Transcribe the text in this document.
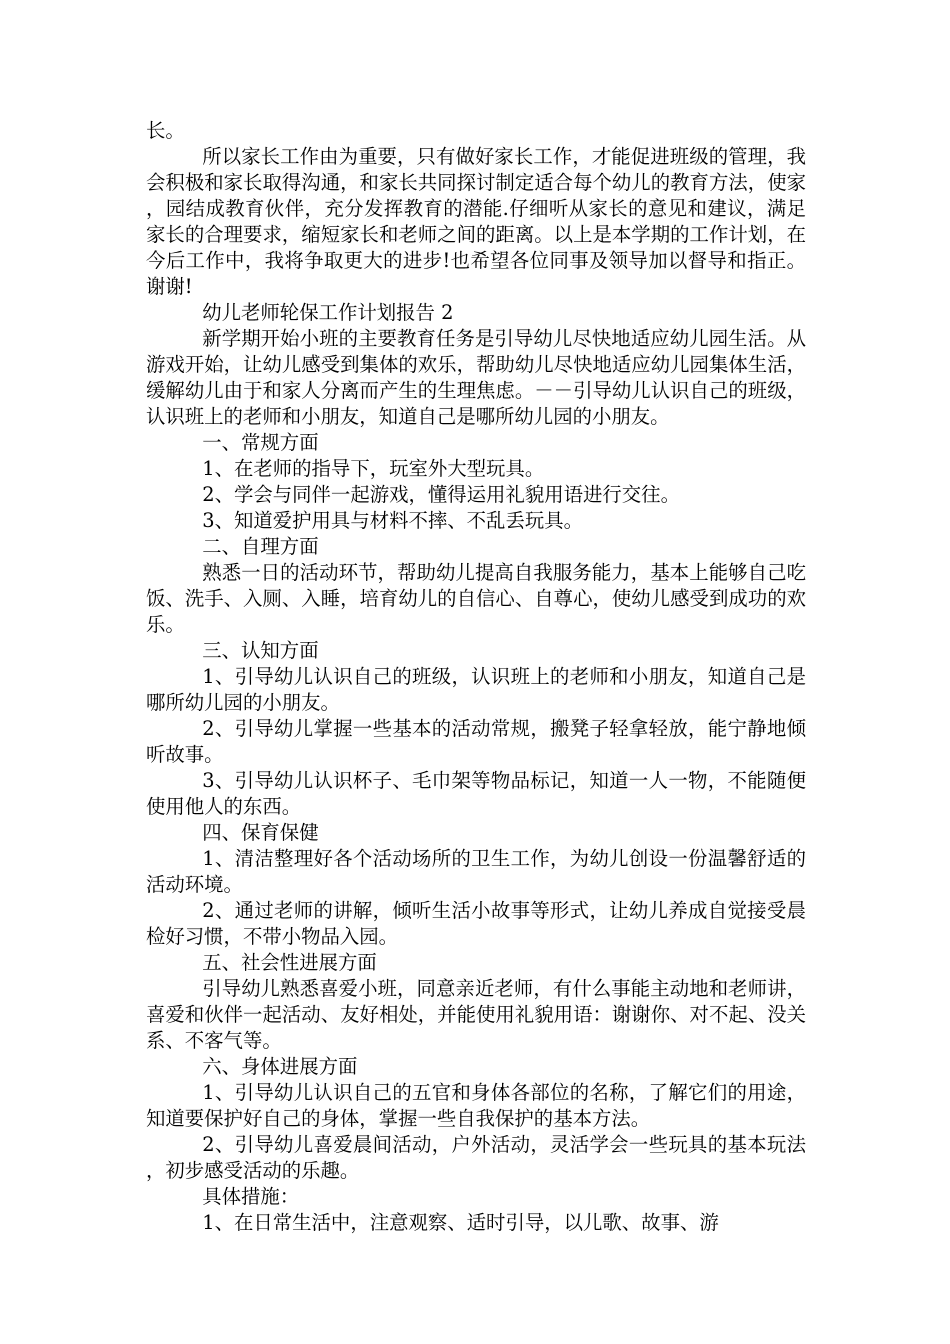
长。

所以家长工作由为重要，只有做好家长工作，才能促进班级的管理，我会积极和家长取得沟通，和家长共同探讨制定适合每个幼儿的教育方法，使家，园结成教育伙伴，充分发挥教育的潜能.仔细听从家长的意见和建议，满足家长的合理要求，缩短家长和老师之间的距离。以上是本学期的工作计划，在今后工作中，我将争取更大的进步!也希望各位同事及领导加以督导和指正。谢谢!

幼儿老师轮保工作计划报告 2

新学期开始小班的主要教育任务是引导幼儿尽快地适应幼儿园生活。从游戏开始，让幼儿感受到集体的欢乐，帮助幼儿尽快地适应幼儿园集体生活，缓解幼儿由于和家人分离而产生的生理焦虑。－－引导幼儿认识自己的班级，认识班上的老师和小朋友，知道自己是哪所幼儿园的小朋友。

一、常规方面

1、在老师的指导下，玩室外大型玩具。

2、学会与同伴一起游戏，懂得运用礼貌用语进行交往。

3、知道爱护用具与材料不摔、不乱丢玩具。

二、自理方面

熟悉一日的活动环节，帮助幼儿提高自我服务能力，基本上能够自己吃饭、洗手、入厕、入睡，培育幼儿的自信心、自尊心，使幼儿感受到成功的欢乐。

三、认知方面

1、引导幼儿认识自己的班级，认识班上的老师和小朋友，知道自己是哪所幼儿园的小朋友。

2、引导幼儿掌握一些基本的活动常规，搬凳子轻拿轻放，能宁静地倾听故事。

3、引导幼儿认识杯子、毛巾架等物品标记，知道一人一物，不能随便使用他人的东西。

四、保育保健

1、清洁整理好各个活动场所的卫生工作，为幼儿创设一份温馨舒适的活动环境。

2、通过老师的讲解，倾听生活小故事等形式，让幼儿养成自觉接受晨检好习惯，不带小物品入园。

五、社会性进展方面

引导幼儿熟悉喜爱小班，同意亲近老师，有什么事能主动地和老师讲，喜爱和伙伴一起活动、友好相处，并能使用礼貌用语：谢谢你、对不起、没关系、不客气等。

六、身体进展方面

1、引导幼儿认识自己的五官和身体各部位的名称，了解它们的用途，知道要保护好自己的身体，掌握一些自我保护的基本方法。

2、引导幼儿喜爱晨间活动，户外活动，灵活学会一些玩具的基本玩法，初步感受活动的乐趣。

具体措施：

1、在日常生活中，注意观察、适时引导，以儿歌、故事、游
